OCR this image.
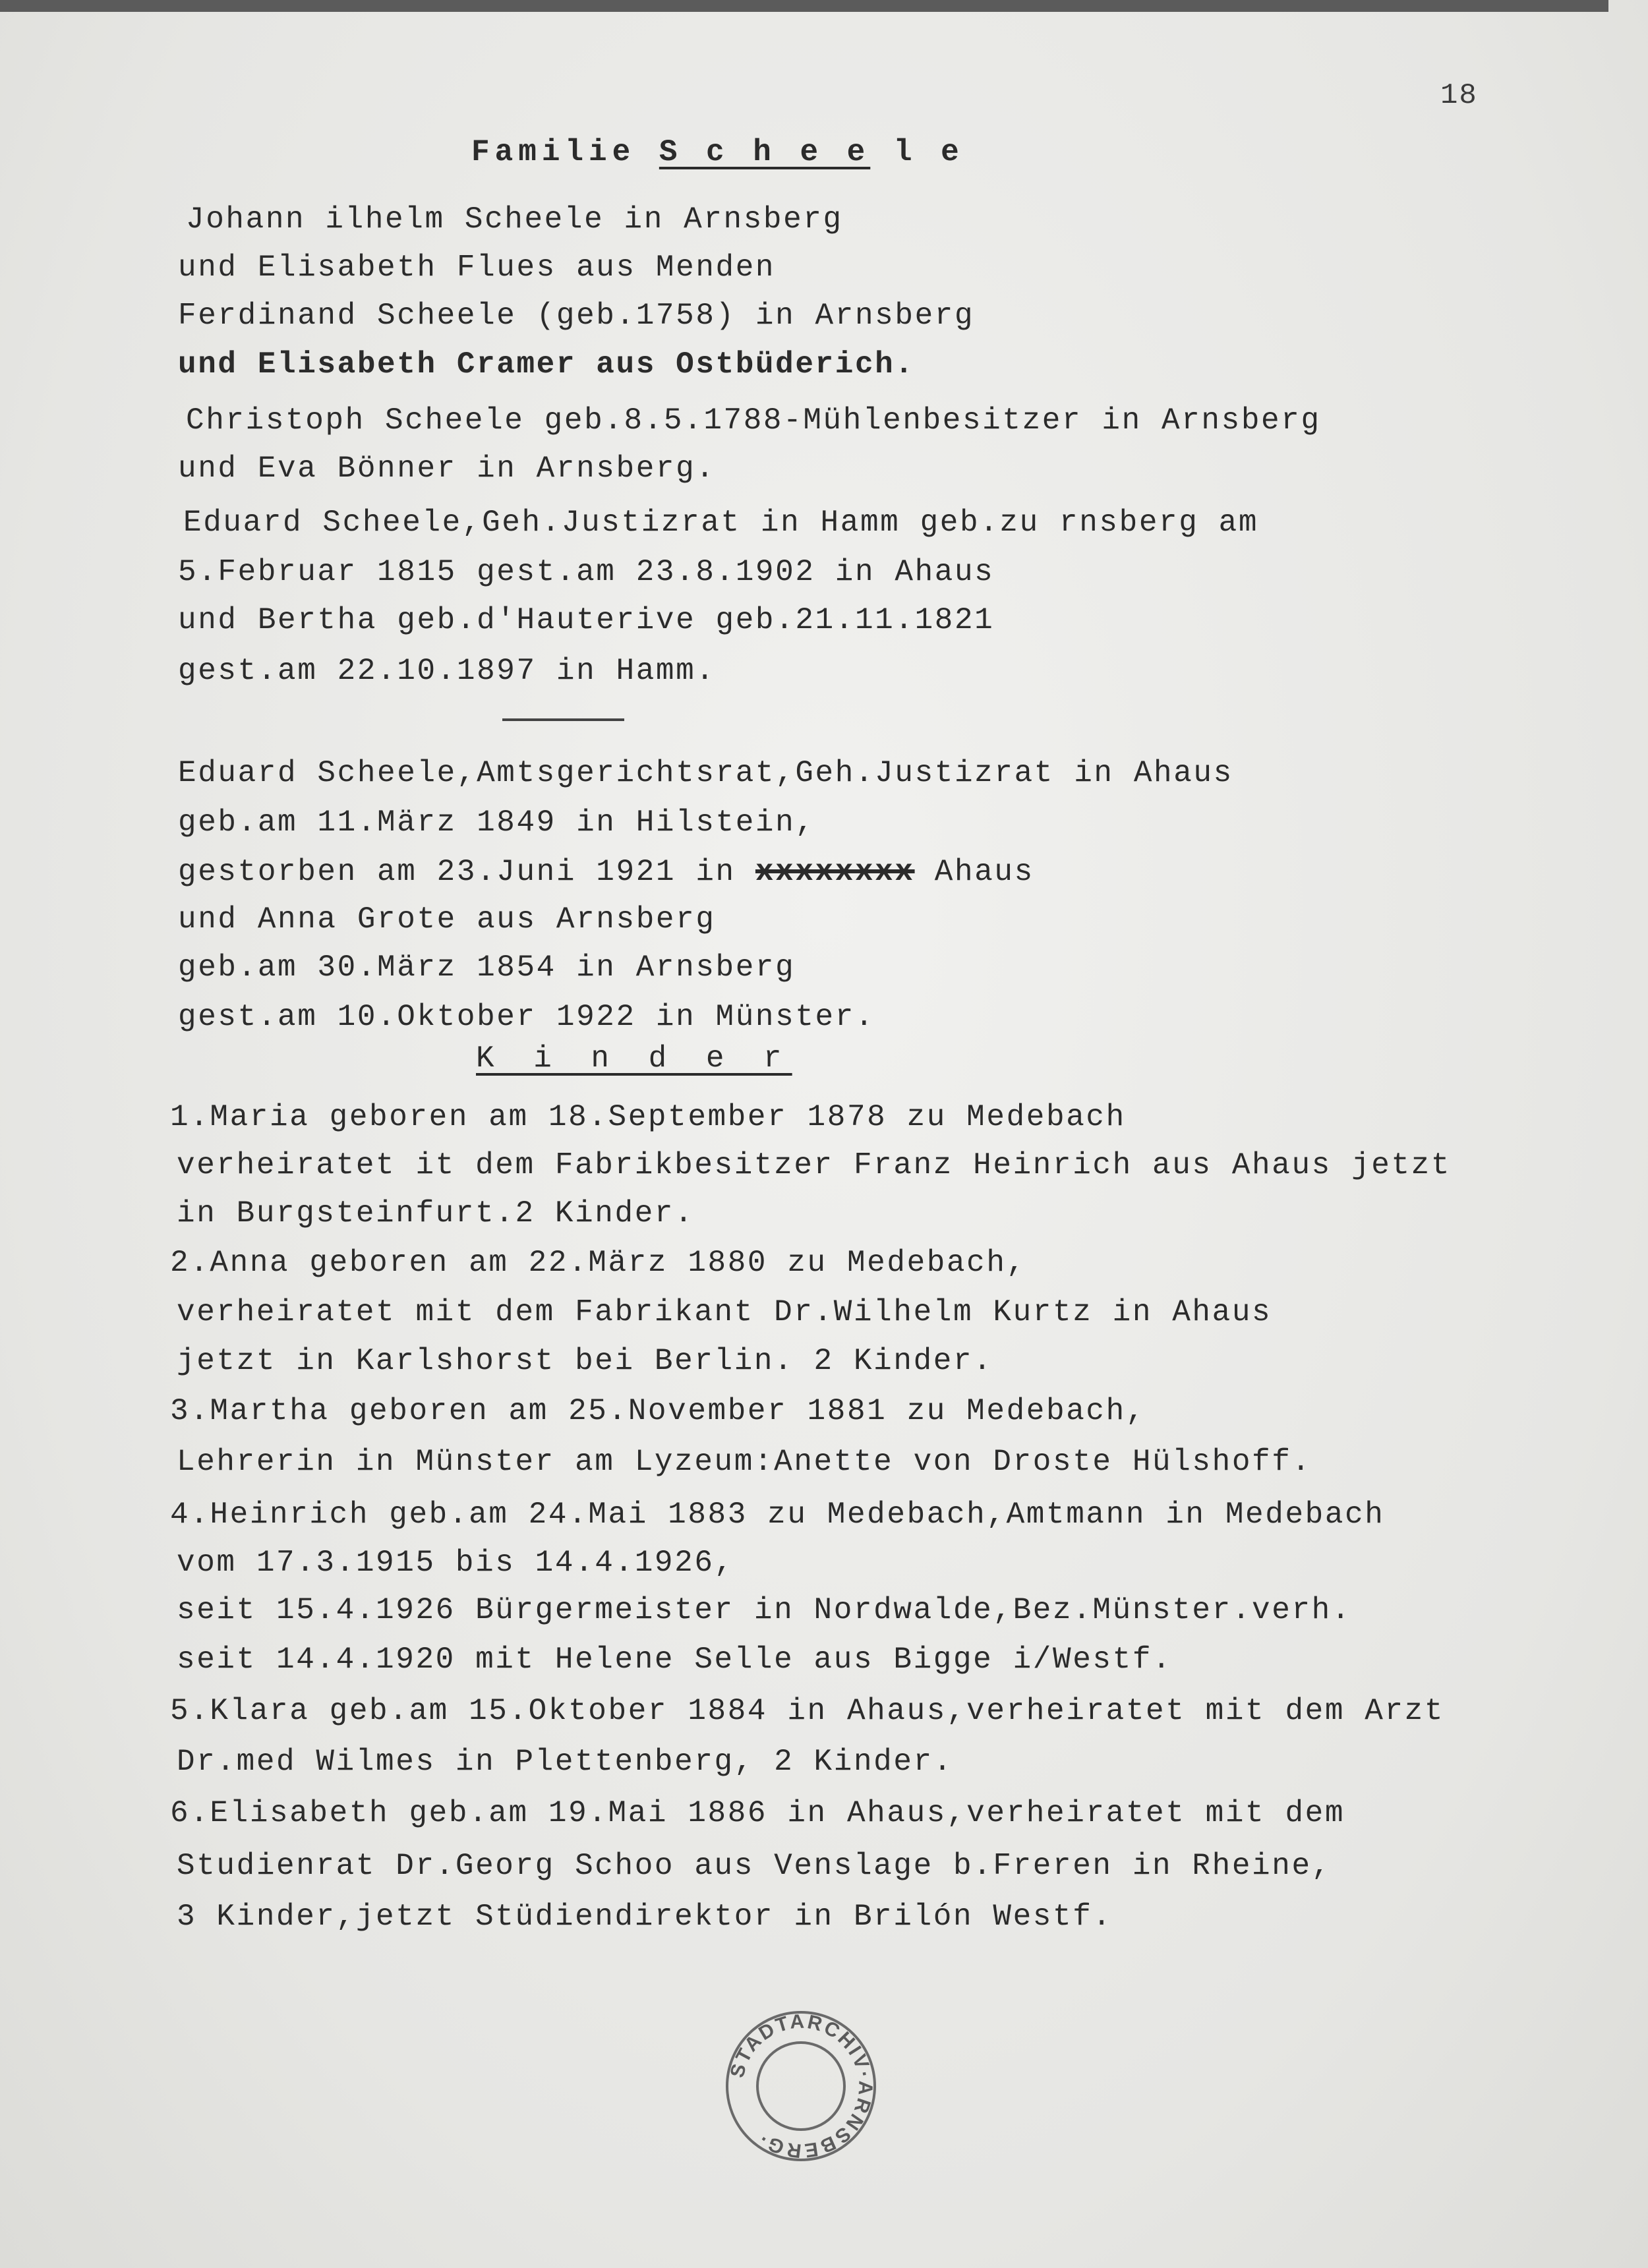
18
Familie S c h e e l e
Johann ilhelm Scheele in Arnsberg
und Elisabeth Flues aus Menden
Ferdinand Scheele (geb.1758) in Arnsberg
und Elisabeth Cramer aus Ostbüderich.
Christoph Scheele geb.8.5.1788-Mühlenbesitzer in Arnsberg
und Eva Bönner in Arnsberg.
Eduard Scheele,Geh.Justizrat in Hamm geb.zu rnsberg am
5.Februar 1815 gest.am 23.8.1902 in Ahaus
und Bertha geb.d'Hauterive geb.21.11.1821
gest.am 22.10.1897 in Hamm.
Eduard Scheele,Amtsgerichtsrat,Geh.Justizrat in Ahaus
geb.am 11.März 1849 in Hilstein,
gestorben am 23.Juni 1921 in xxxxxxxx Ahaus
und Anna Grote aus Arnsberg
geb.am 30.März 1854 in Arnsberg
gest.am 10.Oktober 1922 in Münster.
K i n d e r
1.Maria geboren am 18.September 1878 zu Medebach
verheiratet it dem Fabrikbesitzer Franz Heinrich aus Ahaus jetzt
in Burgsteinfurt.2 Kinder.
2.Anna geboren am 22.März 1880 zu Medebach,
verheiratet mit dem Fabrikant Dr.Wilhelm Kurtz in Ahaus
jetzt in Karlshorst bei Berlin. 2 Kinder.
3.Martha geboren am 25.November 1881 zu Medebach,
Lehrerin in Münster am Lyzeum:Anette von Droste Hülshoff.
4.Heinrich geb.am 24.Mai 1883 zu Medebach,Amtmann in Medebach
vom 17.3.1915 bis 14.4.1926,
seit 15.4.1926 Bürgermeister in Nordwalde,Bez.Münster.verh.
seit 14.4.1920 mit Helene Selle aus Bigge i/Westf.
5.Klara geb.am 15.Oktober 1884 in Ahaus,verheiratet mit dem Arzt
Dr.med Wilmes in Plettenberg, 2 Kinder.
6.Elisabeth geb.am 19.Mai 1886 in Ahaus,verheiratet mit dem
Studienrat Dr.Georg Schoo aus Venslage b.Freren in Rheine,
3 Kinder,jetzt Stüdiendirektor in Brilón Westf.
STADTARCHIV·ARNSBERG·
